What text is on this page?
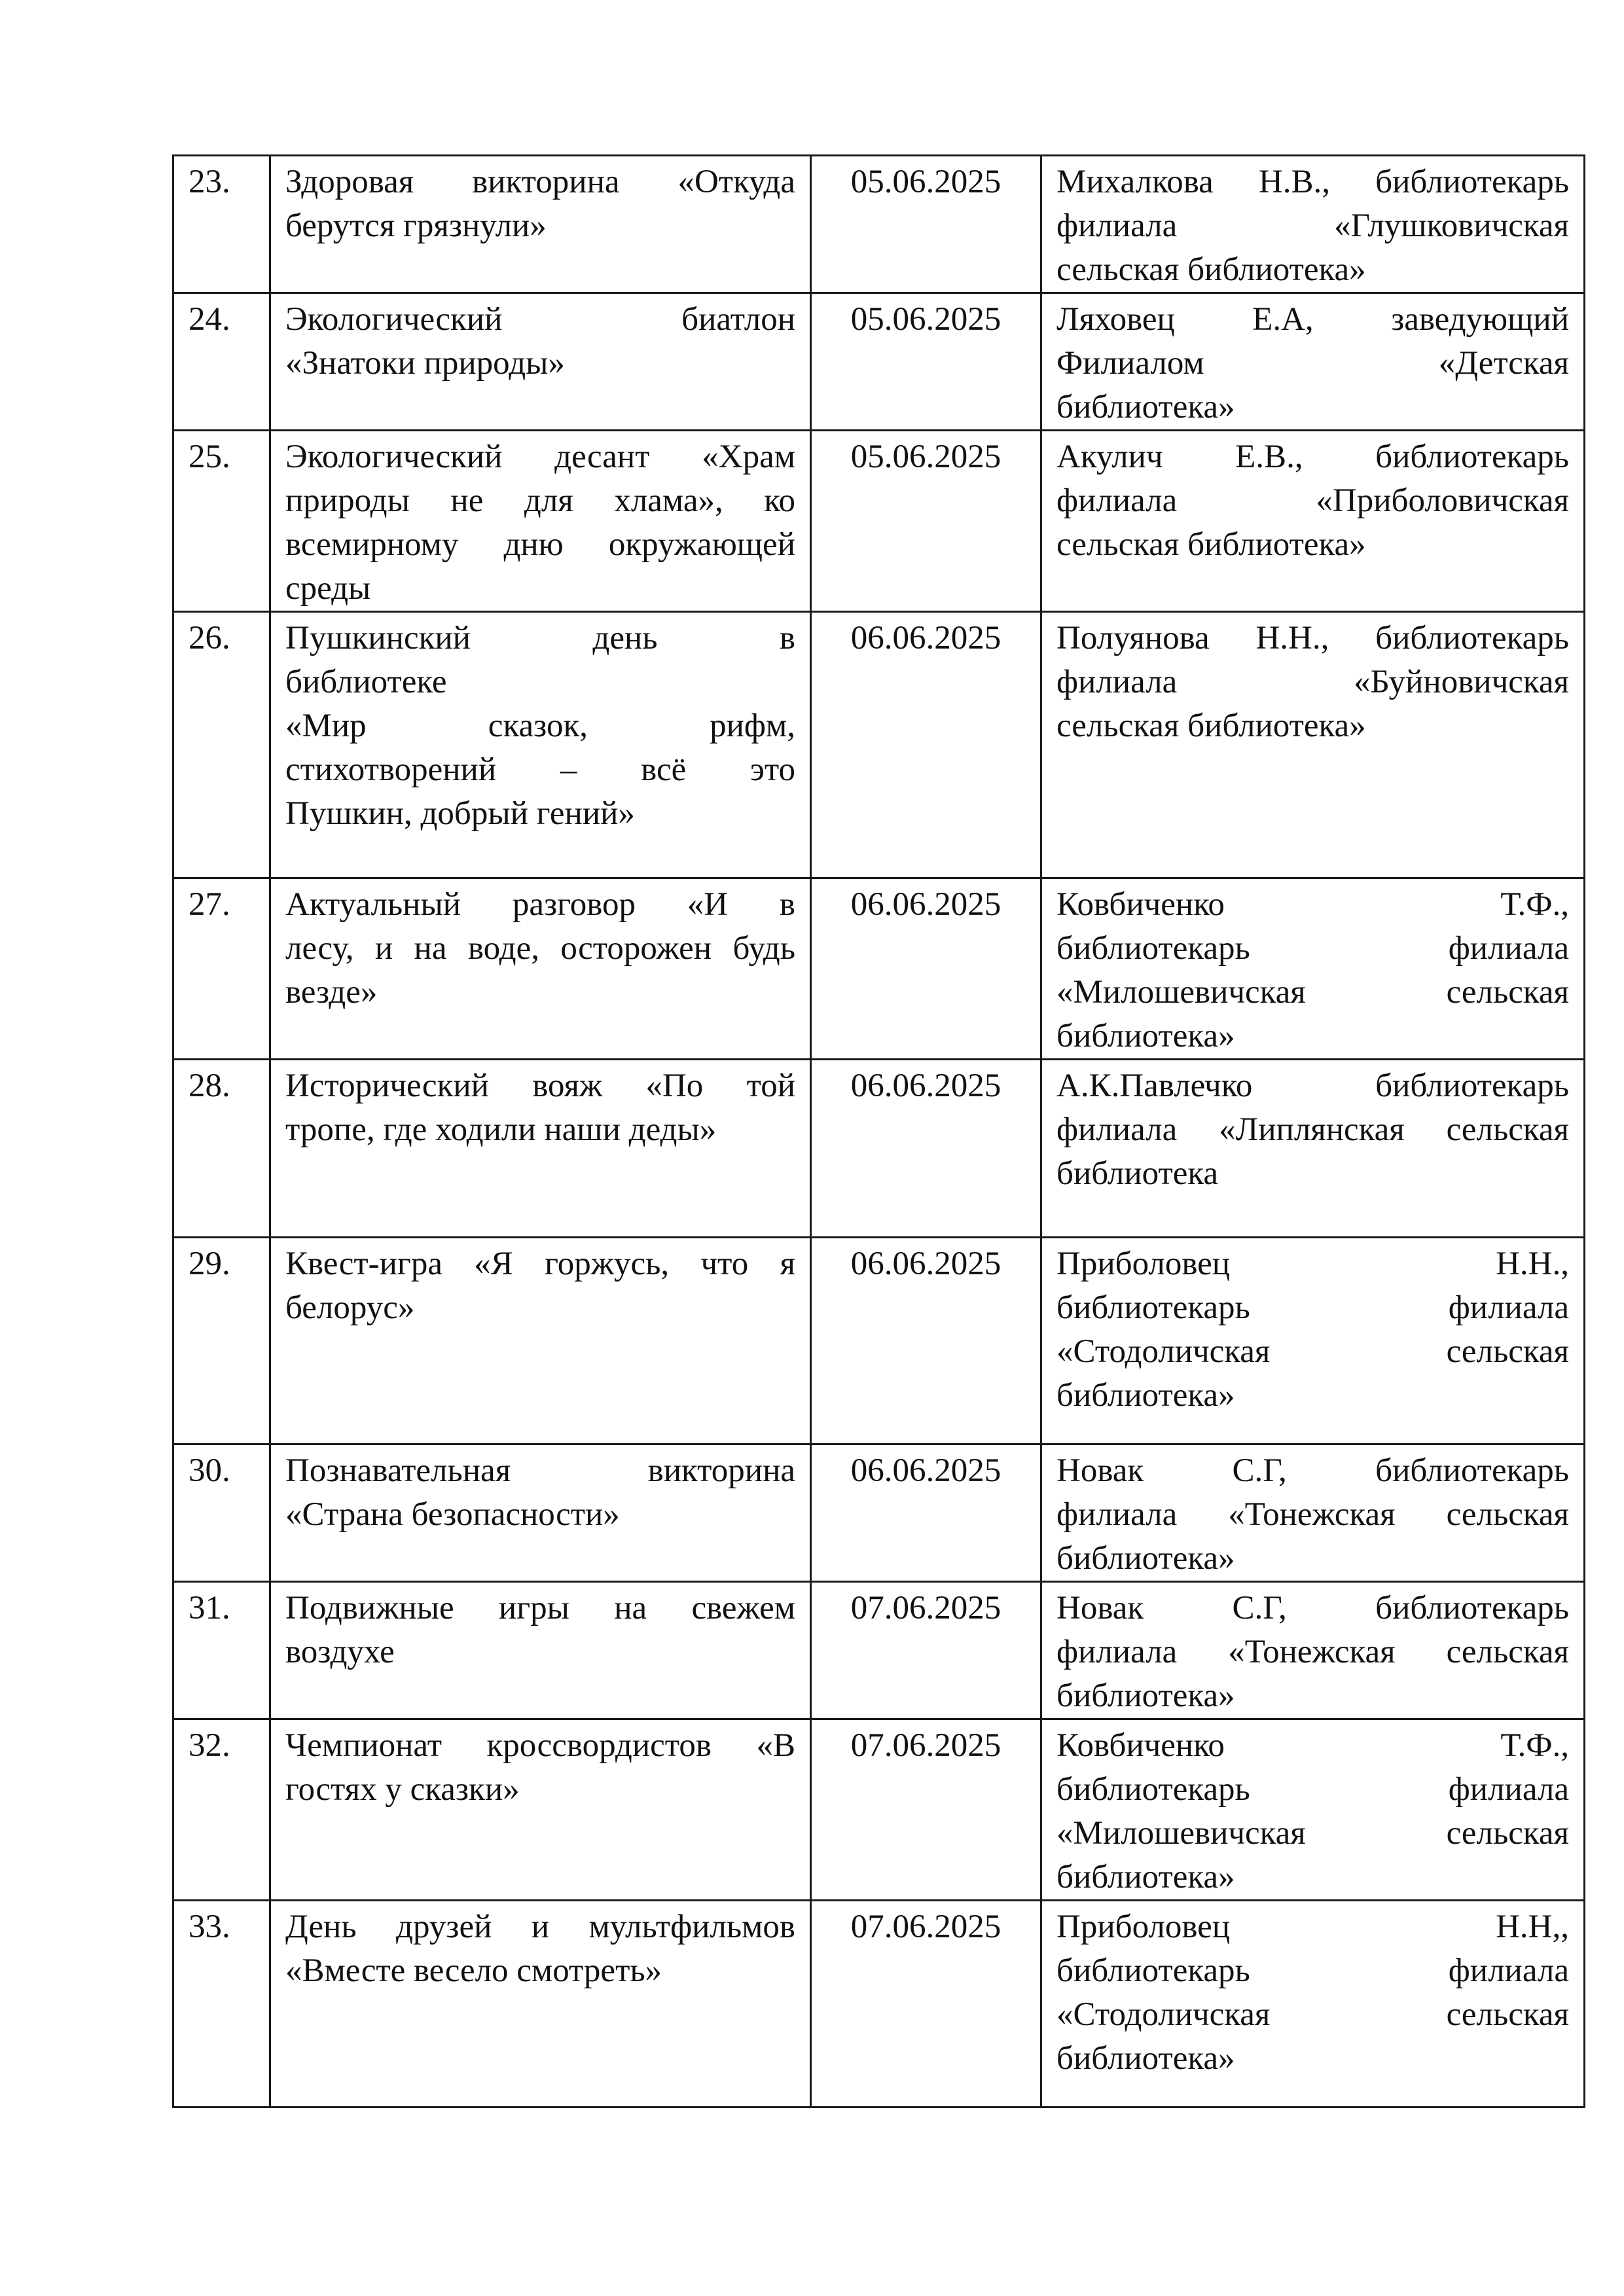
23.	Здоровая викторина «Откуда
берутся грязнули»	05.06.2025	Михалкова Н.В., библиотекарь
филиала «Глушковичская
сельская библиотека»

24.	Экологический биатлон
«Знатоки природы»	05.06.2025	Ляховец Е.А, заведующий
Филиалом «Детская
библиотека»

25.	Экологический десант «Храм
природы не для хлама», ко
всемирному дню окружающей
среды	05.06.2025	Акулич Е.В., библиотекарь
филиала «Приболовичская
сельская библиотека»

26.	Пушкинский день в
библиотеке
«Мир сказок, рифм,
стихотворений – всё это
Пушкин, добрый гений»	06.06.2025	Полуянова Н.Н., библиотекарь
филиала «Буйновичская
сельская библиотека»

27.	Актуальный разговор «И в
лесу, и на воде, осторожен будь
везде»	06.06.2025	Ковбиченко Т.Ф.,
библиотекарь филиала
«Милошевичская сельская
библиотека»

28.	Исторический вояж «По той
тропе, где ходили наши деды»	06.06.2025	А.К.Павлечко библиотекарь
филиала «Липлянская сельская
библиотека

29.	Квест-игра «Я горжусь, что я
белорус»	06.06.2025	Приболовец Н.Н.,
библиотекарь филиала
«Стодоличская сельская
библиотека»

30.	Познавательная викторина
«Страна безопасности»	06.06.2025	Новак С.Г, библиотекарь
филиала «Тонежская сельская
библиотека»

31.	Подвижные игры на свежем
воздухе	07.06.2025	Новак С.Г, библиотекарь
филиала «Тонежская сельская
библиотека»

32.	Чемпионат кроссвордистов «В
гостях у сказки»	07.06.2025	Ковбиченко Т.Ф.,
библиотекарь филиала
«Милошевичская сельская
библиотека»

33.	День друзей и мультфильмов
«Вместе весело смотреть»	07.06.2025	Приболовец Н.Н,,
библиотекарь филиала
«Стодоличская сельская
библиотека»
